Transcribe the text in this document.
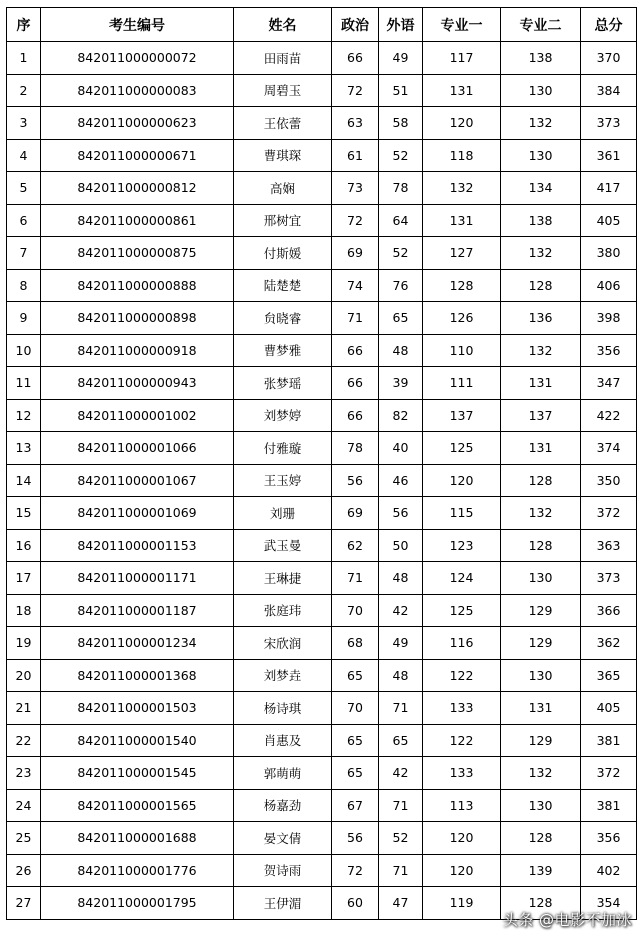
序	考生编号	姓名	政治	外语	专业一	专业二	总分
1	842011000000072	田雨苗	66	49	117	138	370
2	842011000000083	周碧玉	72	51	131	130	384
3	842011000000623	王依蕾	63	58	120	132	373
4	842011000000671	曹琪琛	61	52	118	130	361
5	842011000000812	高娴	73	78	132	134	417
6	842011000000861	邢树宜	72	64	131	138	405
7	842011000000875	付斯媛	69	52	127	132	380
8	842011000000888	陆楚楚	74	76	128	128	406
9	842011000000898	贠晓睿	71	65	126	136	398
10	842011000000918	曹梦雅	66	48	110	132	356
11	842011000000943	张梦瑶	66	39	111	131	347
12	842011000001002	刘梦婷	66	82	137	137	422
13	842011000001066	付雅璇	78	40	125	131	374
14	842011000001067	王玉婷	56	46	120	128	350
15	842011000001069	刘珊	69	56	115	132	372
16	842011000001153	武玉曼	62	50	123	128	363
17	842011000001171	王琳捷	71	48	124	130	373
18	842011000001187	张庭玮	70	42	125	129	366
19	842011000001234	宋欣润	68	49	116	129	362
20	842011000001368	刘梦垚	65	48	122	130	365
21	842011000001503	杨诗琪	70	71	133	131	405
22	842011000001540	肖惠及	65	65	122	129	381
23	842011000001545	郭萌萌	65	42	133	132	372
24	842011000001565	杨嘉劲	67	71	113	130	381
25	842011000001688	晏文倩	56	52	120	128	356
26	842011000001776	贺诗雨	72	71	120	139	402
27	842011000001795	王伊湄	60	47	119	128	354
头条 @电影不加冰
